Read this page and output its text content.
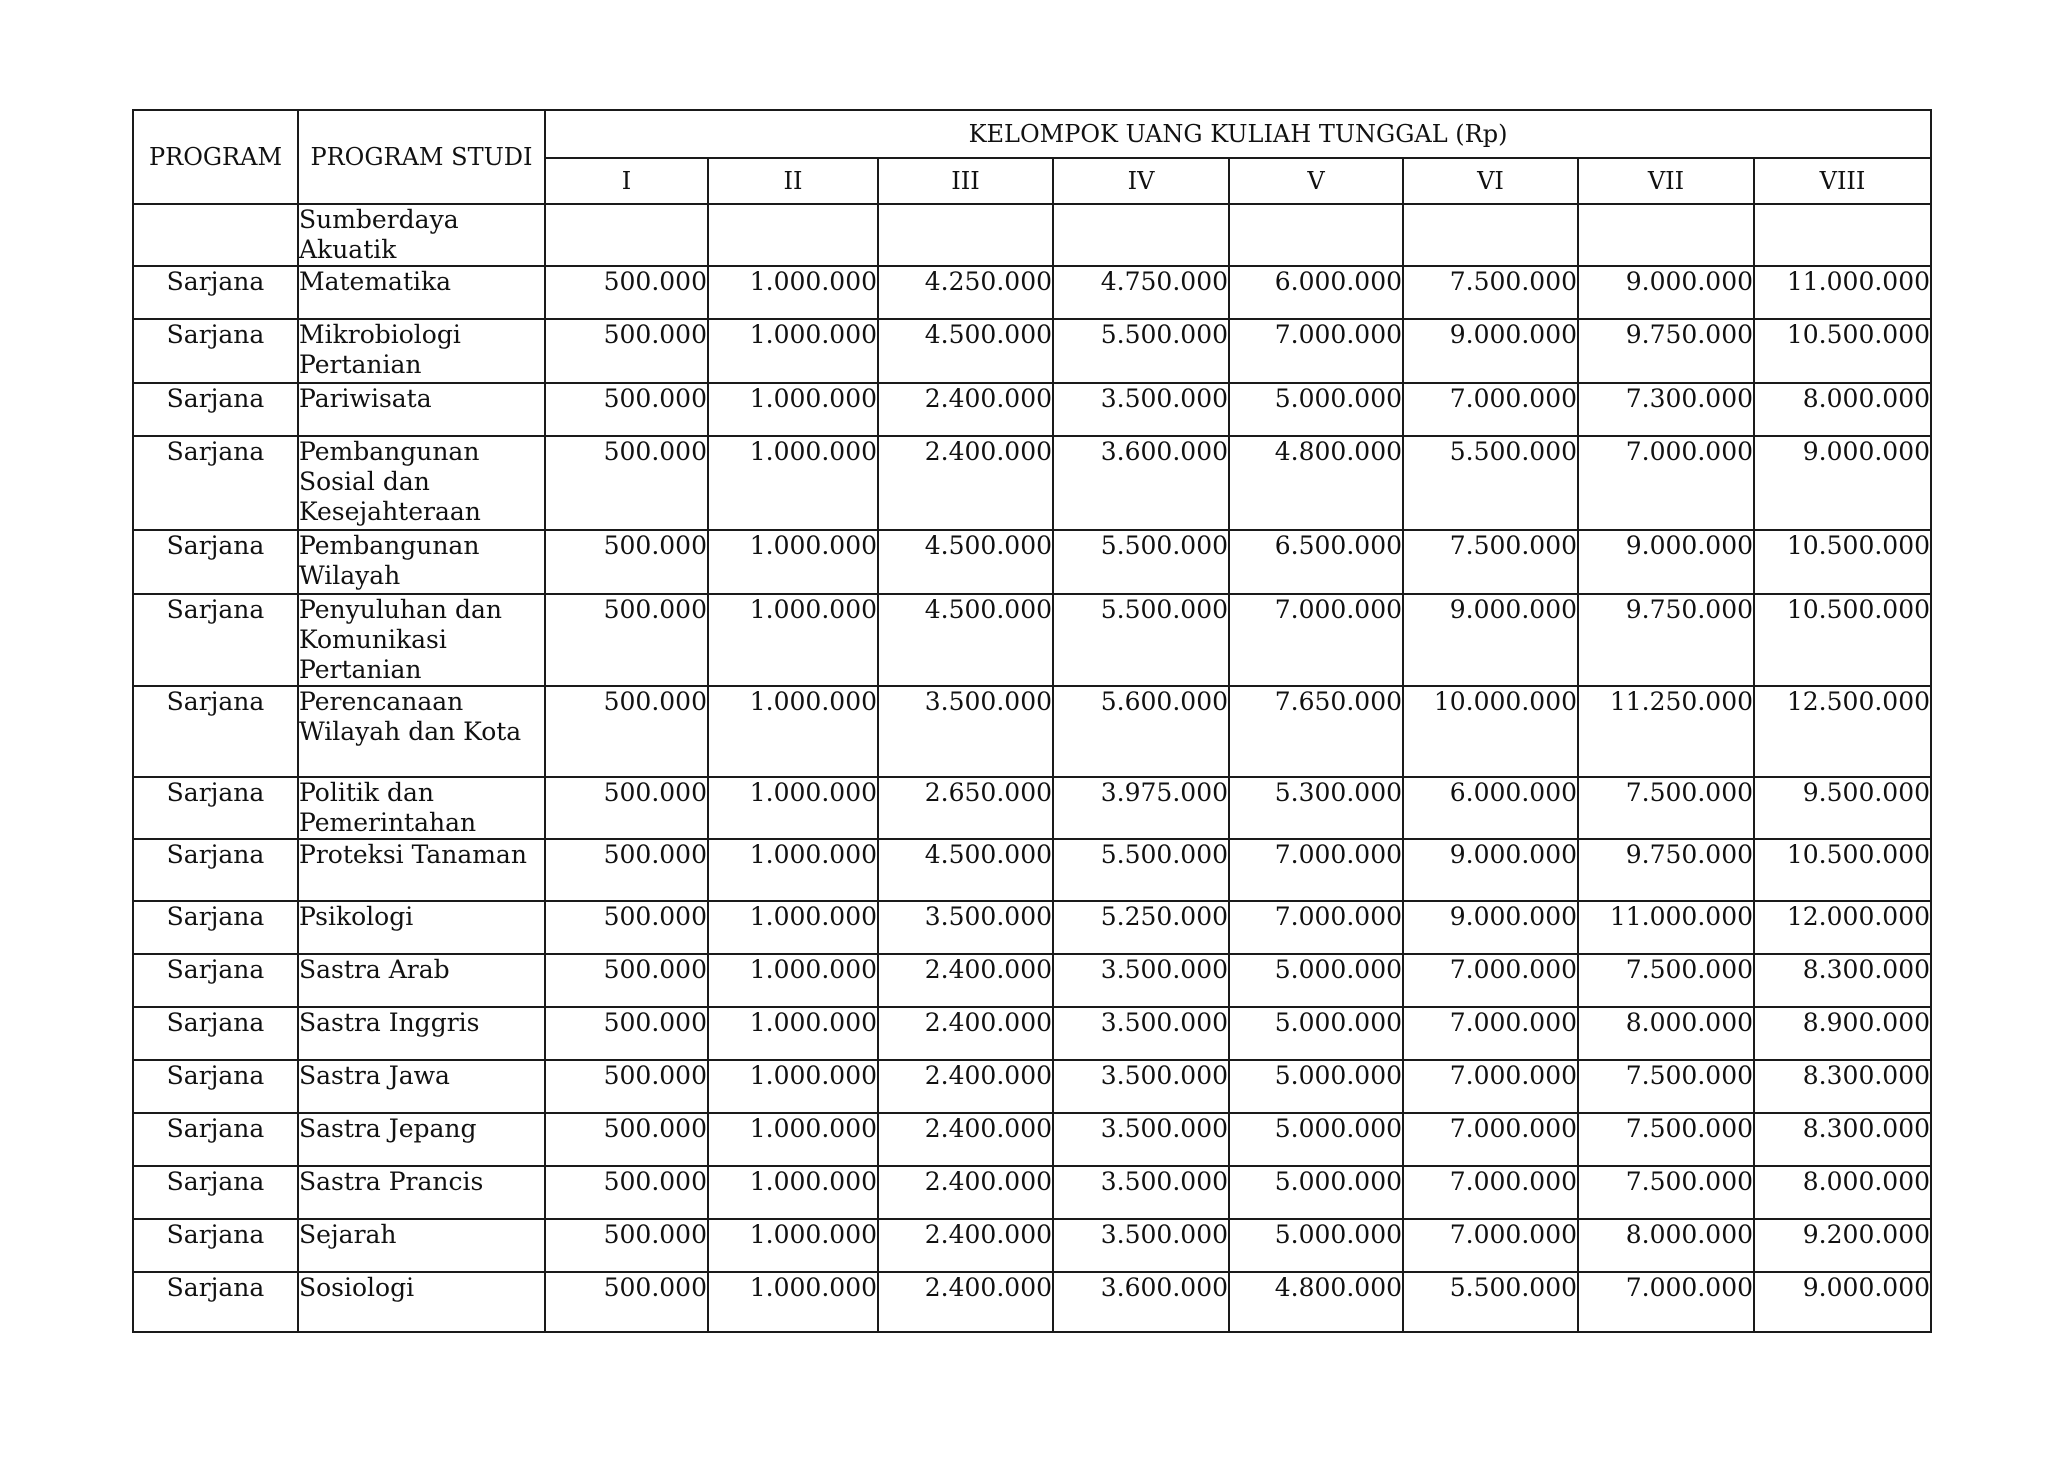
PROGRAM	PROGRAM STUDI	KELOMPOK UANG KULIAH TUNGGAL (Rp)							
		I	II	III	IV	V	VI	VII	VIII
	Sumberdaya Akuatik								
Sarjana	Matematika	500.000	1.000.000	4.250.000	4.750.000	6.000.000	7.500.000	9.000.000	11.000.000
Sarjana	Mikrobiologi Pertanian	500.000	1.000.000	4.500.000	5.500.000	7.000.000	9.000.000	9.750.000	10.500.000
Sarjana	Pariwisata	500.000	1.000.000	2.400.000	3.500.000	5.000.000	7.000.000	7.300.000	8.000.000
Sarjana	Pembangunan Sosial dan Kesejahteraan	500.000	1.000.000	2.400.000	3.600.000	4.800.000	5.500.000	7.000.000	9.000.000
Sarjana	Pembangunan Wilayah	500.000	1.000.000	4.500.000	5.500.000	6.500.000	7.500.000	9.000.000	10.500.000
Sarjana	Penyuluhan dan Komunikasi Pertanian	500.000	1.000.000	4.500.000	5.500.000	7.000.000	9.000.000	9.750.000	10.500.000
Sarjana	Perencanaan Wilayah dan Kota	500.000	1.000.000	3.500.000	5.600.000	7.650.000	10.000.000	11.250.000	12.500.000
Sarjana	Politik dan Pemerintahan	500.000	1.000.000	2.650.000	3.975.000	5.300.000	6.000.000	7.500.000	9.500.000
Sarjana	Proteksi Tanaman	500.000	1.000.000	4.500.000	5.500.000	7.000.000	9.000.000	9.750.000	10.500.000
Sarjana	Psikologi	500.000	1.000.000	3.500.000	5.250.000	7.000.000	9.000.000	11.000.000	12.000.000
Sarjana	Sastra Arab	500.000	1.000.000	2.400.000	3.500.000	5.000.000	7.000.000	7.500.000	8.300.000
Sarjana	Sastra Inggris	500.000	1.000.000	2.400.000	3.500.000	5.000.000	7.000.000	8.000.000	8.900.000
Sarjana	Sastra Jawa	500.000	1.000.000	2.400.000	3.500.000	5.000.000	7.000.000	7.500.000	8.300.000
Sarjana	Sastra Jepang	500.000	1.000.000	2.400.000	3.500.000	5.000.000	7.000.000	7.500.000	8.300.000
Sarjana	Sastra Prancis	500.000	1.000.000	2.400.000	3.500.000	5.000.000	7.000.000	7.500.000	8.000.000
Sarjana	Sejarah	500.000	1.000.000	2.400.000	3.500.000	5.000.000	7.000.000	8.000.000	9.200.000
Sarjana	Sosiologi	500.000	1.000.000	2.400.000	3.600.000	4.800.000	5.500.000	7.000.000	9.000.000
